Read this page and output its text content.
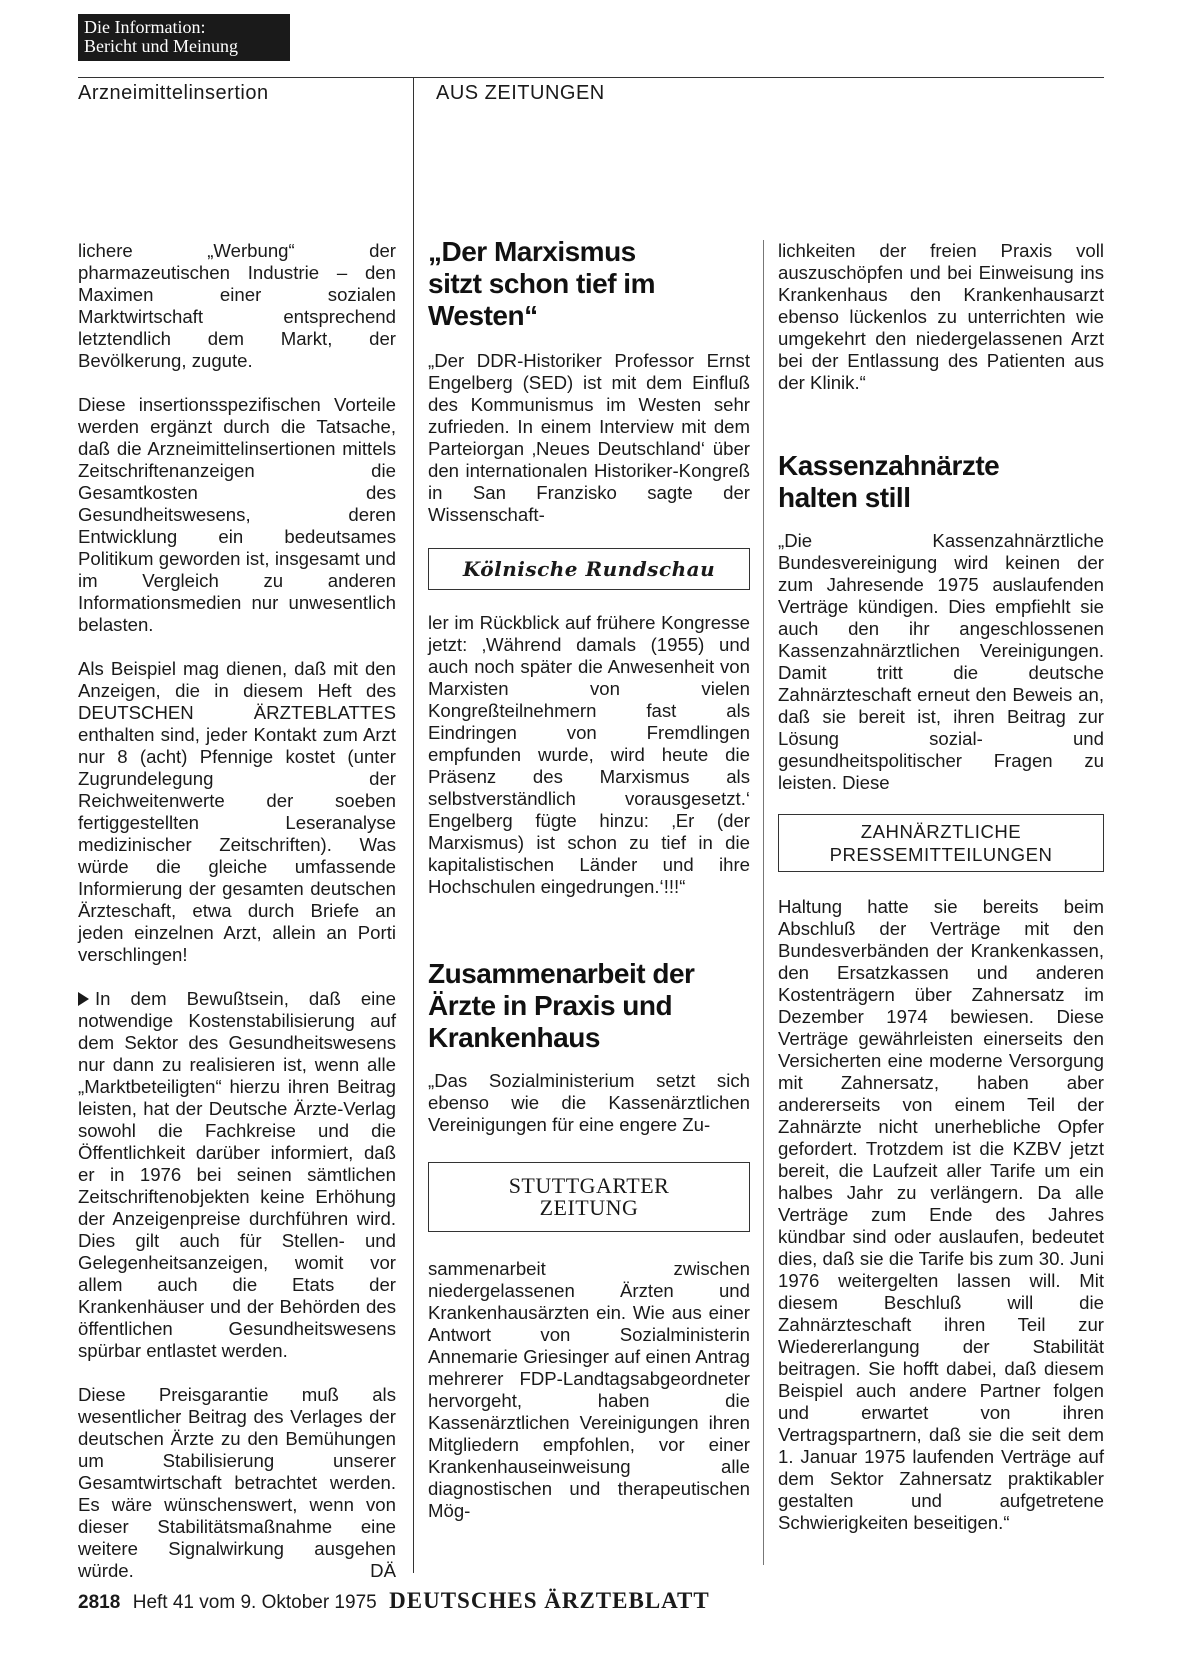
Die Information:
Bericht und Meinung
Arzneimittelinsertion	AUS ZEITUNGEN

lichere „Werbung“ der pharmazeutischen Industrie – den Maximen einer sozialen Marktwirtschaft entsprechend letztendlich dem Markt, der Bevölkerung, zugute.

Diese insertionsspezifischen Vorteile werden ergänzt durch die Tatsache, daß die Arzneimittelinsertionen mittels Zeitschriftenanzeigen die Gesamtkosten des Gesundheitswesens, deren Entwicklung ein bedeutsames Politikum geworden ist, insgesamt und im Vergleich zu anderen Informationsmedien nur unwesentlich belasten.

Als Beispiel mag dienen, daß mit den Anzeigen, die in diesem Heft des DEUTSCHEN ÄRZTEBLATTES enthalten sind, jeder Kontakt zum Arzt nur 8 (acht) Pfennige kostet (unter Zugrundelegung der Reichweitenwerte der soeben fertiggestellten Leseranalyse medizinischer Zeitschriften). Was würde die gleiche umfassende Informierung der gesamten deutschen Ärzteschaft, etwa durch Briefe an jeden einzelnen Arzt, allein an Porti verschlingen!

In dem Bewußtsein, daß eine notwendige Kostenstabilisierung auf dem Sektor des Gesundheitswesens nur dann zu realisieren ist, wenn alle „Marktbeteiligten“ hierzu ihren Beitrag leisten, hat der Deutsche Ärzte-Verlag sowohl die Fachkreise und die Öffentlichkeit darüber informiert, daß er in 1976 bei seinen sämtlichen Zeitschriftenobjekten keine Erhöhung der Anzeigenpreise durchführen wird. Dies gilt auch für Stellen- und Gelegenheitsanzeigen, womit vor allem auch die Etats der Krankenhäuser und der Behörden des öffentlichen Gesundheitswesens spürbar entlastet werden.

Diese Preisgarantie muß als wesentlicher Beitrag des Verlages der deutschen Ärzte zu den Bemühungen um Stabilisierung unserer Gesamtwirtschaft betrachtet werden. Es wäre wünschenswert, wenn von dieser Stabilitätsmaßnahme eine weitere Signalwirkung ausgehen würde.	DÄ

„Der Marxismus sitzt schon tief im Westen“

„Der DDR-Historiker Professor Ernst Engelberg (SED) ist mit dem Einfluß des Kommunismus im Westen sehr zufrieden. In einem Interview mit dem Parteiorgan ‚Neues Deutschland‘ über den internationalen Historiker-Kongreß in San Franzisko sagte der Wissenschaft-

Kölnische Rundschau

ler im Rückblick auf frühere Kongresse jetzt: ‚Während damals (1955) und auch noch später die Anwesenheit von Marxisten von vielen Kongreßteilnehmern fast als Eindringen von Fremdlingen empfunden wurde, wird heute die Präsenz des Marxismus als selbstverständlich vorausgesetzt.‘ Engelberg fügte hinzu: ‚Er (der Marxismus) ist schon zu tief in die kapitalistischen Länder und ihre Hochschulen eingedrungen.‘!!!“

Zusammenarbeit der Ärzte in Praxis und Krankenhaus

„Das Sozialministerium setzt sich ebenso wie die Kassenärztlichen Vereinigungen für eine engere Zu-

STUTTGARTER
ZEITUNG

sammenarbeit zwischen niedergelassenen Ärzten und Krankenhausärzten ein. Wie aus einer Antwort von Sozialministerin Annemarie Griesinger auf einen Antrag mehrerer FDP-Landtagsabgeordneter hervorgeht, haben die Kassenärztlichen Vereinigungen ihren Mitgliedern empfohlen, vor einer Krankenhauseinweisung alle diagnostischen und therapeutischen Mög-

lichkeiten der freien Praxis voll auszuschöpfen und bei Einweisung ins Krankenhaus den Krankenhausarzt ebenso lückenlos zu unterrichten wie umgekehrt den niedergelassenen Arzt bei der Entlassung des Patienten aus der Klinik.“

Kassenzahnärzte halten still

„Die Kassenzahnärztliche Bundesvereinigung wird keinen der zum Jahresende 1975 auslaufenden Verträge kündigen. Dies empfiehlt sie auch den ihr angeschlossenen Kassenzahnärztlichen Vereinigungen. Damit tritt die deutsche Zahnärzteschaft erneut den Beweis an, daß sie bereit ist, ihren Beitrag zur Lösung sozial- und gesundheitspolitischer Fragen zu leisten. Diese

ZAHNÄRZTLICHE
PRESSEMITTEILUNGEN

Haltung hatte sie bereits beim Abschluß der Verträge mit den Bundesverbänden der Krankenkassen, den Ersatzkassen und anderen Kostenträgern über Zahnersatz im Dezember 1974 bewiesen. Diese Verträge gewährleisten einerseits den Versicherten eine moderne Versorgung mit Zahnersatz, haben aber andererseits von einem Teil der Zahnärzte nicht unerhebliche Opfer gefordert. Trotzdem ist die KZBV jetzt bereit, die Laufzeit aller Tarife um ein halbes Jahr zu verlängern. Da alle Verträge zum Ende des Jahres kündbar sind oder auslaufen, bedeutet dies, daß sie die Tarife bis zum 30. Juni 1976 weitergelten lassen will. Mit diesem Beschluß will die Zahnärzteschaft ihren Teil zur Wiedererlangung der Stabilität beitragen. Sie hofft dabei, daß diesem Beispiel auch andere Partner folgen und erwartet von ihren Vertragspartnern, daß sie die seit dem 1. Januar 1975 laufenden Verträge auf dem Sektor Zahnersatz praktikabler gestalten und aufgetretene Schwierigkeiten beseitigen.“

2818 Heft 41 vom 9. Oktober 1975 DEUTSCHES ÄRZTEBLATT
